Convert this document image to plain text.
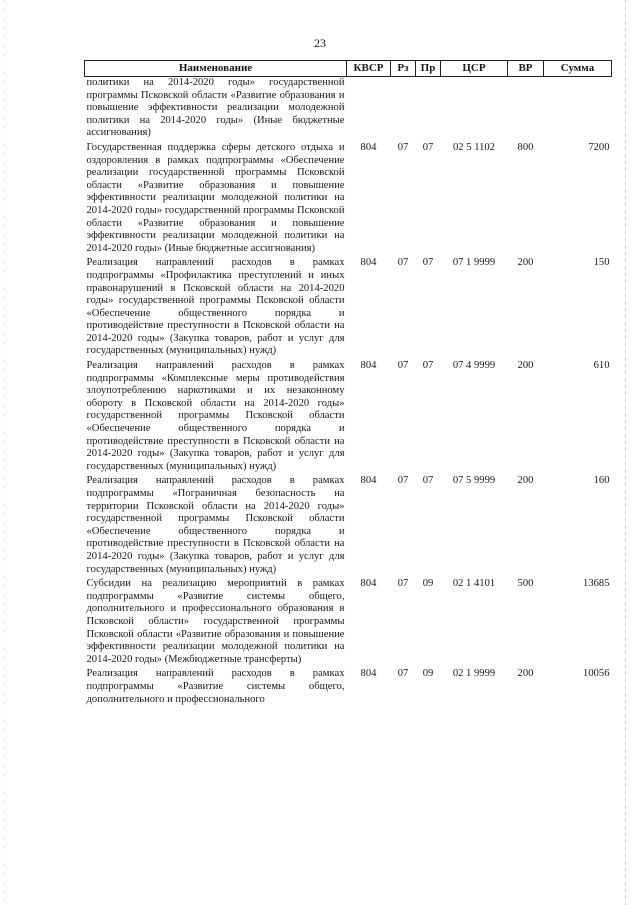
23
Наименование	КВСР	Рз	Пр	ЦСР	ВР	Сумма
политики на 2014-2020 годы» государственной программы Псковской области «Развитие образования и повышение эффективности реализации молодежной политики на 2014-2020 годы» (Иные бюджетные ассигнования)						
Государственная поддержка сферы детского отдыха и оздоровления в рамках подпрограммы «Обеспечение реализации государственной программы Псковской области «Развитие образования и повышение эффективности реализации молодежной политики на 2014-2020 годы» государственной программы Псковской области «Развитие образования и повышение эффективности реализации молодежной политики на 2014-2020 годы» (Иные бюджетные ассигнования)	804	07	07	02 5 1102	800	7200
Реализация направлений расходов в рамках подпрограммы «Профилактика преступлений и иных правонарушений в Псковской области на 2014-2020 годы» государственной программы Псковской области «Обеспечение общественного порядка и противодействие преступности в Псковской области на 2014-2020 годы» (Закупка товаров, работ и услуг для государственных (муниципальных) нужд)	804	07	07	07 1 9999	200	150
Реализация направлений расходов в рамках подпрограммы «Комплексные меры противодействия злоупотреблению наркотиками и их незаконному обороту в Псковской области на 2014-2020 годы» государственной программы Псковской области «Обеспечение общественного порядка и противодействие преступности в Псковской области на 2014-2020 годы» (Закупка товаров, работ и услуг для государственных (муниципальных) нужд)	804	07	07	07 4 9999	200	610
Реализация направлений расходов в рамках подпрограммы «Пограничная безопасность на территории Псковской области на 2014-2020 годы» государственной программы Псковской области «Обеспечение общественного порядка и противодействие преступности в Псковской области на 2014-2020 годы» (Закупка товаров, работ и услуг для государственных (муниципальных) нужд)	804	07	07	07 5 9999	200	160
Субсидии на реализацию мероприятий в рамках подпрограммы «Развитие системы общего, дополнительного и профессионального образования в Псковской области» государственной программы Псковской области «Развитие образования и повышение эффективности реализации молодежной политики на 2014-2020 годы» (Межбюджетные трансферты)	804	07	09	02 1 4101	500	13685
Реализация направлений расходов в рамках подпрограммы «Развитие системы общего, дополнительного и профессионального	804	07	09	02 1 9999	200	10056
